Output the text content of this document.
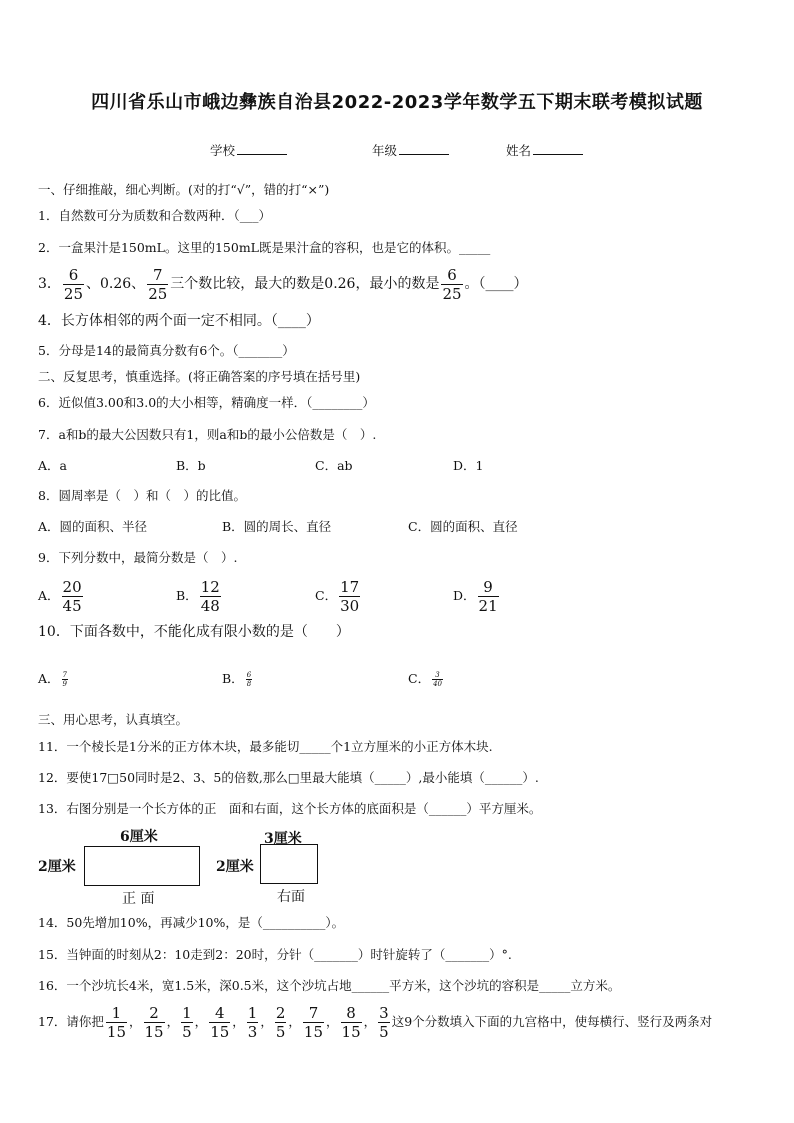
四川省乐山市峨边彝族自治县2022-2023学年数学五下期末联考模拟试题
学校	年级	姓名
一、仔细推敲，细心判断。(对的打“√”，错的打“×”)
1．自然数可分为质数和合数两种．（___）
2．一盒果汁是150mL。这里的150mL既是果汁盒的容积，也是它的体积。_____
3． $\frac{6}{25}$ 、0.26、 $\frac{7}{25}$ 三个数比较，最大的数是0.26，最小的数是 $\frac{6}{25}$ 。（____）
4．长方体相邻的两个面一定不相同。（____）
5．分母是14的最简真分数有6个。（_______）
二、反复思考，慎重选择。(将正确答案的序号填在括号里)
6．近似值3.00和3.0的大小相等，精确度一样．（________）
7．a和b的最大公因数只有1，则a和b的最小公倍数是（　）.
A．a	B．b	C．ab	D．1
8．圆周率是（　）和（　）的比值。
A．圆的面积、半径	B．圆的周长、直径	C．圆的面积、直径
9．下列分数中，最简分数是（　）.
A． $\frac{20}{45}$	B． $\frac{12}{48}$	C． $\frac{17}{30}$	D． $\frac{9}{21}$
10．下面各数中，不能化成有限小数的是（　　）
A． $\frac{7}{9}$	B． $\frac{6}{8}$	C． $\frac{3}{40}$
三、用心思考，认真填空。
11．一个棱长是1分米的正方体木块，最多能切_____个1立方厘米的小正方体木块.
12．要使17□50同时是2、3、5的倍数,那么□里最大能填（_____）,最小能填（______）.
13．右图分别是一个长方体的正　面和右面，这个长方体的底面积是（______）平方厘米。
6厘米
2厘米
正 面
3厘米
2厘米
右面
14．50先增加10%，再减少10%，是（__________）。
15．当钟面的时刻从2：10走到2：20时，分针（_______）时针旋转了（_______）°.
16．一个沙坑长4米，宽1.5米，深0.5米，这个沙坑占地______平方米，这个沙坑的容积是_____立方米。
17．请你把 $\frac{1}{15}$ ， $\frac{2}{15}$ ， $\frac{1}{5}$ ， $\frac{4}{15}$ ， $\frac{1}{3}$ ， $\frac{2}{5}$ ， $\frac{7}{15}$ ， $\frac{8}{15}$ ， $\frac{3}{5}$ 这9个分数填入下面的九宫格中，使每横行、竖行及两条对
